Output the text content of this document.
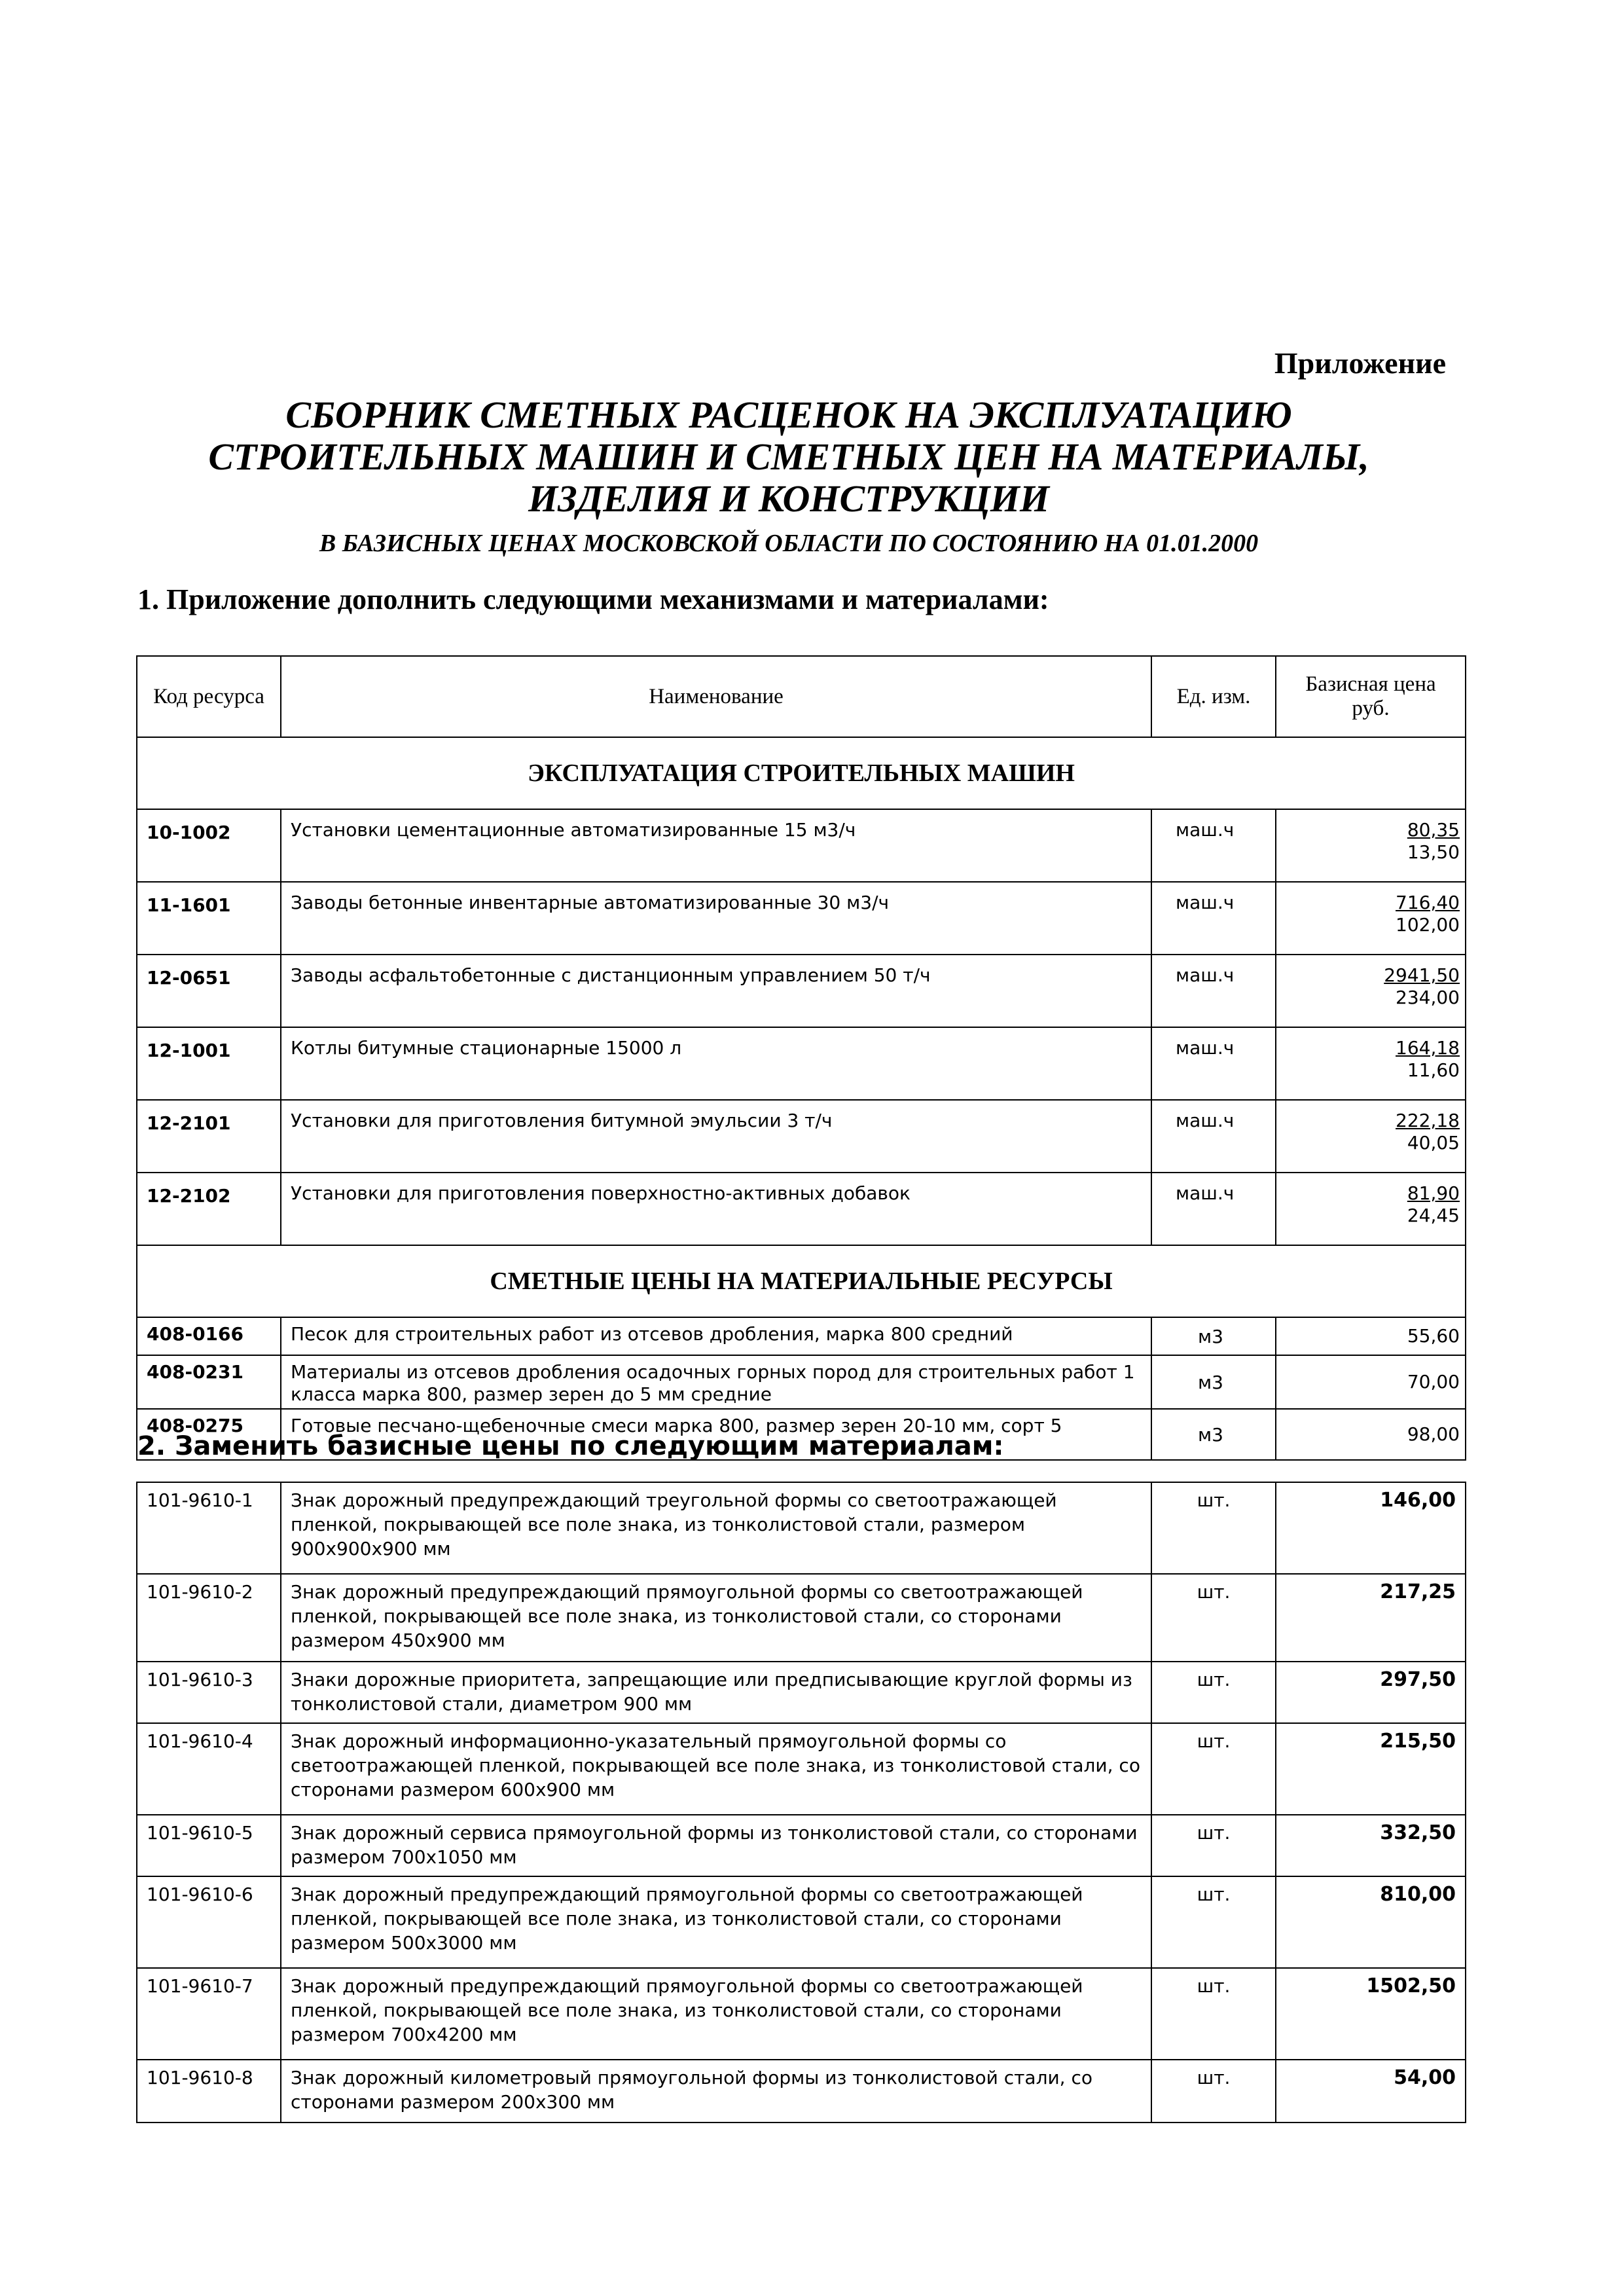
Приложение
СБОРНИК СМЕТНЫХ РАСЦЕНОК НА ЭКСПЛУАТАЦИЮ
СТРОИТЕЛЬНЫХ МАШИН И СМЕТНЫХ ЦЕН НА МАТЕРИАЛЫ,
ИЗДЕЛИЯ И КОНСТРУКЦИИ
В БАЗИСНЫХ ЦЕНАХ МОСКОВСКОЙ ОБЛАСТИ ПО СОСТОЯНИЮ НА 01.01.2000
1. Приложение дополнить следующими механизмами и материалами:
Код ресурса	Наименование	Ед. изм.	Базисная цена
руб.

ЭКСПЛУАТАЦИЯ СТРОИТЕЛЬНЫХ МАШИН			
10-1002	Установки цементационные автоматизированные 15 м3/ч	маш.ч	80,35
13,50

11-1601	Заводы бетонные инвентарные автоматизированные 30 м3/ч	маш.ч	716,40
102,00

12-0651	Заводы асфальтобетонные с дистанционным управлением 50 т/ч	маш.ч	2941,50
234,00

12-1001	Котлы битумные стационарные 15000 л	маш.ч	164,18
11,60

12-2101	Установки для приготовления битумной эмульсии 3 т/ч	маш.ч	222,18
40,05

12-2102	Установки для приготовления поверхностно-активных добавок	маш.ч	81,90
24,45

СМЕТНЫЕ ЦЕНЫ НА МАТЕРИАЛЬНЫЕ РЕСУРСЫ			
408-0166	Песок для строительных работ из отсевов дробления, марка 800 средний	м3	55,60
408-0231	Материалы из отсевов дробления осадочных горных пород для строительных работ 1 класса марка 800, размер зерен до 5 мм средние	м3	70,00
408-0275	Готовые песчано-щебеночные смеси марка 800, размер зерен 20-10 мм, сорт 5	м3	98,00
2. Заменить базисные цены по следующим материалам:
101-9610-1	Знак дорожный предупреждающий треугольной формы со светоотражающей пленкой, покрывающей все поле знака, из тонколистовой стали, размером 900x900x900 мм	шт.	146,00
101-9610-2	Знак дорожный предупреждающий прямоугольной формы со светоотражающей пленкой, покрывающей все поле знака, из тонколистовой стали, со сторонами размером 450x900 мм	шт.	217,25
101-9610-3	Знаки дорожные приоритета, запрещающие или предписывающие круглой формы из тонколистовой стали, диаметром 900 мм	шт.	297,50
101-9610-4	Знак дорожный информационно-указательный прямоугольной формы со светоотражающей пленкой, покрывающей все поле знака, из тонколистовой стали, со сторонами размером 600x900 мм	шт.	215,50
101-9610-5	Знак дорожный сервиса прямоугольной формы из тонколистовой стали, со сторонами размером 700x1050 мм	шт.	332,50
101-9610-6	Знак дорожный предупреждающий прямоугольной формы со светоотражающей пленкой, покрывающей все поле знака, из тонколистовой стали, со сторонами размером 500x3000 мм	шт.	810,00
101-9610-7	Знак дорожный предупреждающий прямоугольной формы со светоотражающей пленкой, покрывающей все поле знака, из тонколистовой стали, со сторонами размером 700x4200 мм	шт.	1502,50
101-9610-8	Знак дорожный километровый прямоугольной формы из тонколистовой стали, со сторонами размером 200x300 мм	шт.	54,00
